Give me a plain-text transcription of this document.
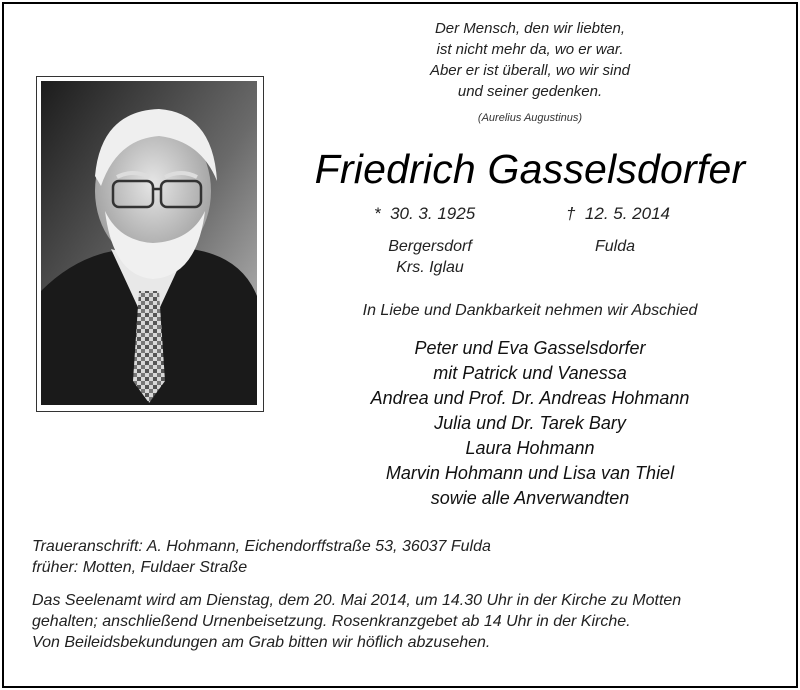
Der Mensch, den wir liebten,
ist nicht mehr da, wo er war.
Aber er ist überall, wo wir sind
und seiner gedenken.
(Aurelius Augustinus)
Friedrich Gasselsdorfer
* 30. 3. 1925	† 12. 5. 2014
Bergersdorf
Krs. Iglau
Fulda
In Liebe und Dankbarkeit nehmen wir Abschied
Peter und Eva Gasselsdorfer
mit Patrick und Vanessa
Andrea und Prof. Dr. Andreas Hohmann
Julia und Dr. Tarek Bary
Laura Hohmann
Marvin Hohmann und Lisa van Thiel
sowie alle Anverwandten
Traueranschrift: A. Hohmann, Eichendorffstraße 53, 36037 Fulda
früher: Motten, Fuldaer Straße
Das Seelenamt wird am Dienstag, dem 20. Mai 2014, um 14.30 Uhr in der Kirche zu Motten
gehalten; anschließend Urnenbeisetzung. Rosenkranzgebet ab 14 Uhr in der Kirche.
Von Beileidsbekundungen am Grab bitten wir höflich abzusehen.
